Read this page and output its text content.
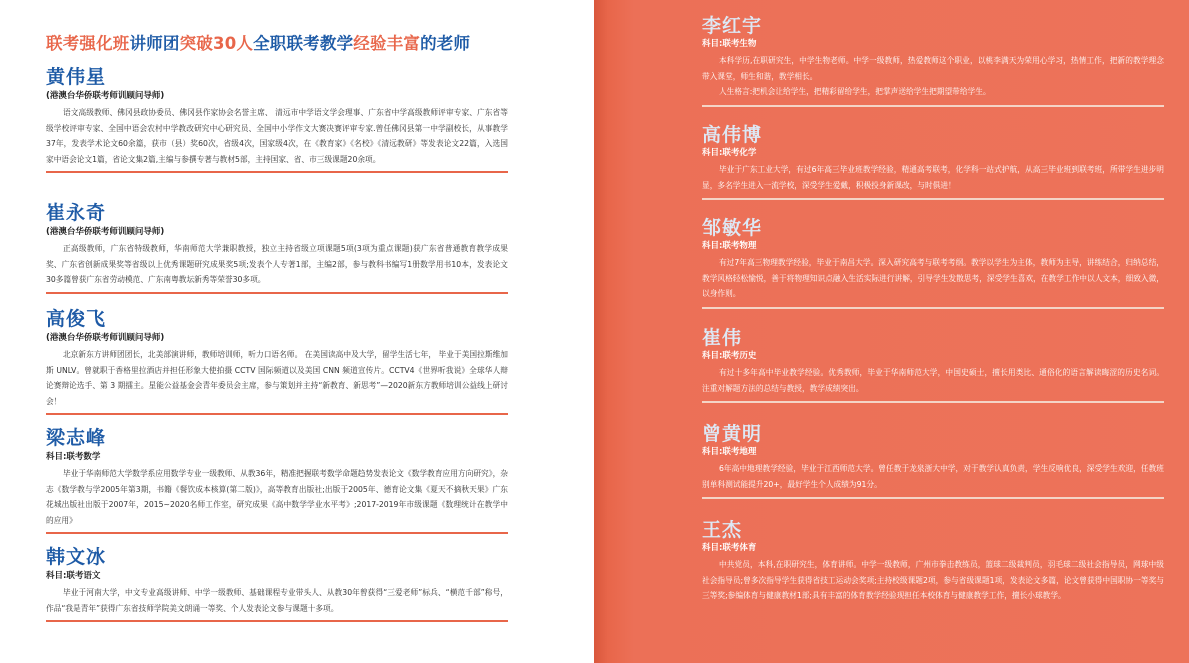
联考强化班讲师团突破30人全职联考教学经验丰富的老师
黄伟星
(港澳台华侨联考师训顾问导师)
语文高级教师、佛冈县政协委员、佛冈县作家协会名誉主席、 清远市中学语文学会理事、广东省中学高级教师评审专家、广东省等级学校评审专家、全国中语会农村中学教改研究中心研究员、全国中小学作文大赛决赛评审专家.曾任佛冈县第一中学副校长，从事教学37年，发表学术论文60余篇，获市（县）奖60次，省级4次，国家级4次，在《教育家》《名校》《清远教研》等发表论文22篇，入选国家中语会论文1篇，省论文集2篇,主编与参撰专著与教材5部，主持国家、省、市三级课题20余项。
崔永奇
(港澳台华侨联考师训顾问导师)
正高级教师，广东省特级教师，华南师范大学兼职教授，独立主持省级立项课题5项(3项为重点课题)获广东省普通教育教学成果奖、广东省创新成果奖等省级以上优秀课题研究成果奖5项;发表个人专著1部，主编2部，参与教科书编写1册数学用书10本，发表论文30多篇曾获广东省劳动模范、广东南粤教坛新秀等荣誉30多项。
高俊飞
(港澳台华侨联考师训顾问导师)
北京新东方讲师团团长，北美部演讲师，教师培训师，听力口语名师。 在美国读高中及大学，留学生活七年， 毕业于美国拉斯维加斯 UNLV。曾就职于香格里拉酒店并担任形象大使拍摄 CCTV 国际频道以及美国 CNN 频道宣传片。CCTV4《世界听我说》全球华人辩论赛辩论选手、第 3 期擂主。星能公益基金会青年委员会主席，参与策划并主持“新教育、新思考”—2020新东方教师培训公益线上研讨会！
梁志峰
科目:联考数学
毕业于华南师范大学数学系应用数学专业一级教师、从教36年，精准把握联考数学命题趋势发表论文《数学教育应用方向研究》，杂志《数学教与学2005年第3期，书籍《餐饮成本核算(第二版)》，高等教育出版社;出版于2005年、德育论文集《夏天不摘秋天果》广东花城出版社出版于2007年，2015~2020名师工作室，研究成果《高中数学学业水平考》;2017-2019年市级课题《数理统计在教学中的应用》
韩文冰
科目:联考语文
毕业于河南大学，中文专业高级讲师、中学一级教师、基础课程专业带头人、从教30年曾获得“三爱老师”标兵、“横范千部”称号，作品“我是青年”获得广东省技师学院美文朗诵一等奖、个人发表论文参与课题十多项。
李红宇
科目:联考生物
本科学历,在职研究生，中学生物老师。中学一级教师，热爱教师这个职业，以桃李满天为荣用心学习，热情工作，把新的教学理念带入课堂，师生和谐，教学相长。
人生格言:把机会让给学生，把精彩留给学生，把掌声送给学生把期望带给学生。
高伟博
科目:联考化学
毕业于广东工业大学，有过6年高三毕业班教学经验，精通高考联考，化学科一站式护航，从高三毕业班到联考班，所带学生进步明显，多名学生进入一流学校，深受学生爱戴，积极投身新课改，与时俱进！
邹敏华
科目:联考物理
有过7年高三物理教学经验，毕业于南昌大学。深入研究高考与联考考纲。教学以学生为主体，教师为主导，讲练结合，归纳总结，教学风格轻松愉悦，善于将物理知识点融入生活实际进行讲解，引导学生发散思考，深受学生喜欢，在教学工作中以人文本，细致入微，以身作则。
崔伟
科目:联考历史
有过十多年高中毕业教学经验。优秀教师，毕业于华南师范大学，中国史硕士，擅长用类比、通俗化的语言解读晦涩的历史名词。注重对解题方法的总结与教授，教学成绩突出。
曾黄明
科目:联考地理
6年高中地理教学经验，毕业于江西师范大学。曾任教于龙泉浙大中学，对于教学认真负责，学生反响优良，深受学生欢迎，任教班别单科测试能提升20+，最好学生个人成绩为91分。
王杰
科目:联考体育
中共党员，本科,在职研究生，体育讲师。中学一级教师，广州市拳击教练员，篮球二级裁判员，羽毛球二级社会指导员，网球中级社会指导员;曾多次指导学生获得省技工运动会奖项;主持校级课题2项，参与省级课题1项，发表论文多篇，论文曾获得中国职协一等奖与三等奖;参编体育与健康教材1部;具有丰富的体育教学经验现担任本校体育与健康教学工作，擅长小球教学。
